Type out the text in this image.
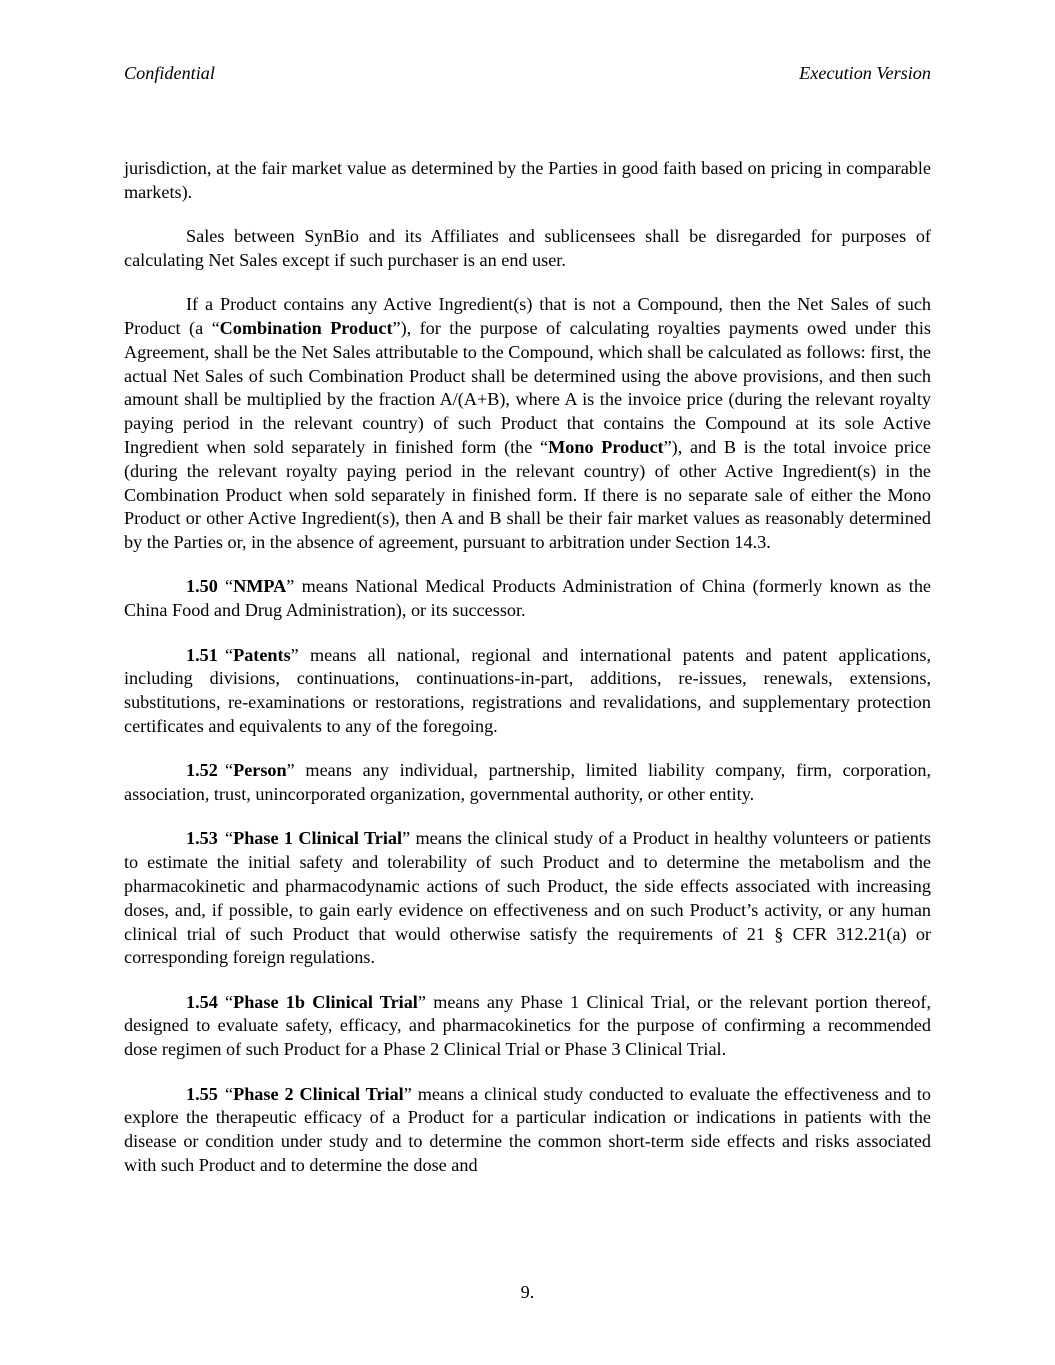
Confidential	Execution Version

jurisdiction, at the fair market value as determined by the Parties in good faith based on pricing in comparable markets).

Sales between SynBio and its Affiliates and sublicensees shall be disregarded for purposes of calculating Net Sales except if such purchaser is an end user.

If a Product contains any Active Ingredient(s) that is not a Compound, then the Net Sales of such Product (a “Combination Product”), for the purpose of calculating royalties payments owed under this Agreement, shall be the Net Sales attributable to the Compound, which shall be calculated as follows: first, the actual Net Sales of such Combination Product shall be determined using the above provisions, and then such amount shall be multiplied by the fraction A/(A+B), where A is the invoice price (during the relevant royalty paying period in the relevant country) of such Product that contains the Compound at its sole Active Ingredient when sold separately in finished form (the “Mono Product”), and B is the total invoice price (during the relevant royalty paying period in the relevant country) of other Active Ingredient(s) in the Combination Product when sold separately in finished form. If there is no separate sale of either the Mono Product or other Active Ingredient(s), then A and B shall be their fair market values as reasonably determined by the Parties or, in the absence of agreement, pursuant to arbitration under Section 14.3.

1.50 “NMPA” means National Medical Products Administration of China (formerly known as the China Food and Drug Administration), or its successor.

1.51 “Patents” means all national, regional and international patents and patent applications, including divisions, continuations, continuations-in-part, additions, re-issues, renewals, extensions, substitutions, re-examinations or restorations, registrations and revalidations, and supplementary protection certificates and equivalents to any of the foregoing.

1.52 “Person” means any individual, partnership, limited liability company, firm, corporation, association, trust, unincorporated organization, governmental authority, or other entity.

1.53 “Phase 1 Clinical Trial” means the clinical study of a Product in healthy volunteers or patients to estimate the initial safety and tolerability of such Product and to determine the metabolism and the pharmacokinetic and pharmacodynamic actions of such Product, the side effects associated with increasing doses, and, if possible, to gain early evidence on effectiveness and on such Product’s activity, or any human clinical trial of such Product that would otherwise satisfy the requirements of 21 § CFR 312.21(a) or corresponding foreign regulations.

1.54 “Phase 1b Clinical Trial” means any Phase 1 Clinical Trial, or the relevant portion thereof, designed to evaluate safety, efficacy, and pharmacokinetics for the purpose of confirming a recommended dose regimen of such Product for a Phase 2 Clinical Trial or Phase 3 Clinical Trial.

1.55 “Phase 2 Clinical Trial” means a clinical study conducted to evaluate the effectiveness and to explore the therapeutic efficacy of a Product for a particular indication or indications in patients with the disease or condition under study and to determine the common short-term side effects and risks associated with such Product and to determine the dose and

9.
